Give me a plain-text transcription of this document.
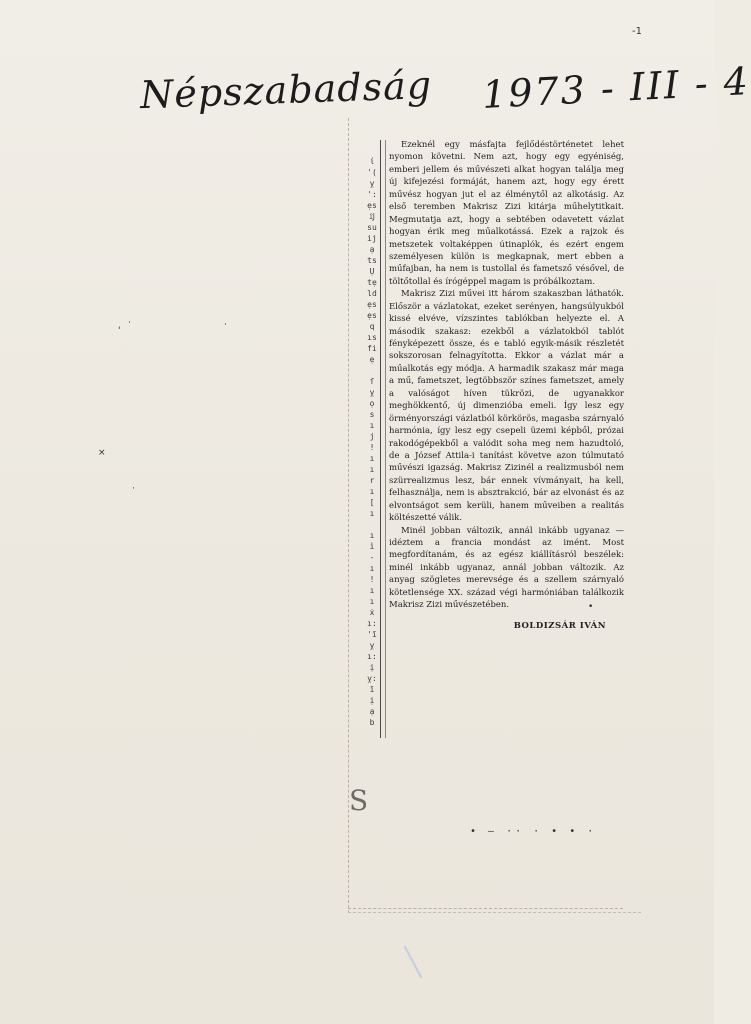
-1
Népszabadság 1973 - III - 4
ί
'(
ỵ
':
ẹs
ĳ
su
ij
ạ
ts
Ụ
tẹ
ld
ẹs
ẹs
q
ıs
fi
ẹ
ſ
ỵ
ọ
s
ı
j
!
ı
ı
r
ı
[
ı
ı
ì
-
ı
!
ı
ı
ẋ
ı:
'ĩ
ỵ
ı:
ị
ỵ:
ĩ
ị
ạ
b

Ezeknél egy másfajta fejlődéstörténetet lehet nyomon követni. Nem azt, hogy egy egyéniség, emberi jellem és művészeti alkat hogyan találja meg új kifejezési formáját, hanem azt, hogy egy érett művész hogyan jut el az élménytől az alkotásig. Az első teremben Makrisz Zizi kitárja műhelytitkait. Megmutatja azt, hogy a sebtében odavetett vázlat hogyan érik meg műalkotássá. Ezek a rajzok és metszetek voltaképpen útinaplók, és ezért engem személyesen külön is megkapnak, mert ebben a műfajban, ha nem is tustollal és fametsző vésővel, de töltőtollal és írógéppel magam is próbálkoztam.

Makrisz Zizi művei itt három szakaszban láthatók. Először a vázlatokat, ezeket serényen, hangsúlyukból kissé elvéve, vízszintes tablókban helyezte el. A második szakasz: ezekből a vázlatokból tablót fényképezett össze, és e tabló egyik-másik részletét sokszorosan felnagyította. Ekkor a vázlat már a műalkotás egy módja. A harmadik szakasz már maga a mű, fametszet, legtöbbször színes fametszet, amely a valóságot híven tükrözi, de ugyanakkor meghökkentő, új dimenzióba emeli. Így lesz egy örményországi vázlatból körkörös, magasba szárnyaló harmónia, így lesz egy csepeli üzemi képből, prózai rakodógépekből a valódit soha meg nem hazudtoló, de a József Attila-i tanítást követve azon túlmutató művészi igazság. Makrisz Zizinél a realizmusból nem szürrealizmus lesz, bár ennek vívmányait, ha kell, felhasználja, nem is absztrakció, bár az elvonást és az elvontságot sem kerüli, hanem műveiben a realitás költészetté válik.

Minél jobban változik, annál inkább ugyanaz — idéztem a francia mondást az imént. Most megfordítanám, és az egész kiállításról beszélek: minél inkább ugyanaz, annál jobban változik. Az anyag szögletes merevsége és a szellem szárnyaló kötetlensége XX. század végi harmóniában találkozik Makrisz Zizi művészetében.

BOLDIZSÁR IVÁN
S
• — ·· · • • ·
·
'
×
·
·
•
